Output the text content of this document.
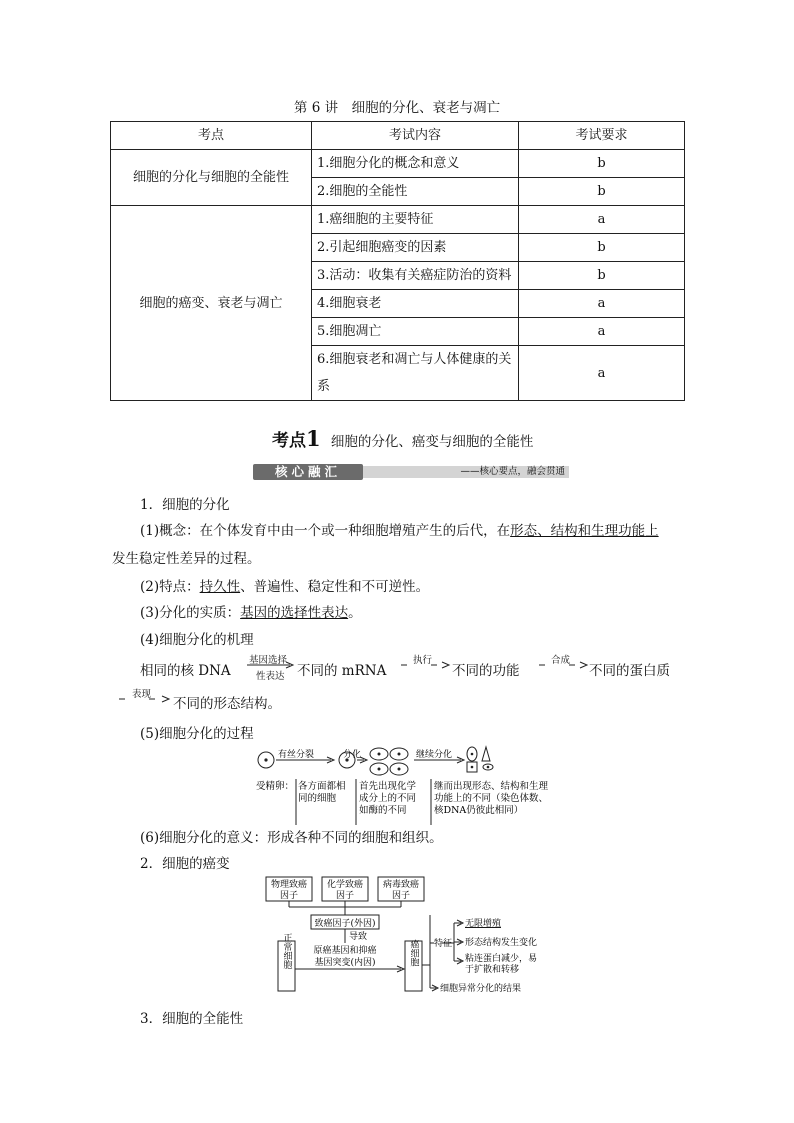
第 6 讲　细胞的分化、衰老与凋亡
考点	考试内容	考试要求
细胞的分化与细胞的全能性	1.细胞分化的概念和意义	b
	2.细胞的全能性	b
细胞的癌变、衰老与凋亡	1.癌细胞的主要特征	a
	2.引起细胞癌变的因素	b
	3.活动：收集有关癌症防治的资料	b
	4.细胞衰老	a
	5.细胞凋亡	a
	6.细胞衰老和凋亡与人体健康的关系	a
考点1 细胞的分化、癌变与细胞的全能性
——核心要点，融会贯通
核心融汇
1．细胞的分化
(1)概念：在个体发育中由一个或一种细胞增殖产生的后代，在形态、结构和生理功能上
发生稳定性差异的过程。
(2)特点：持久性、普遍性、稳定性和不可逆性。
(3)分化的实质：基因的选择性表达。
(4)细胞分化的机理
相同的核 DNA
基因选择
性表达 不同的 mRNA
执行
不同的功能
合成
不同的蛋白质
表现
不同的形态结构。
(5)细胞分化的过程
有丝分裂	分化	继续分化
受精卵： 各方面都相
同的细胞
首先出现化学
成分上的不同
如酶的不同
继而出现形态、结构和生理
功能上的不同（染色体数、
核DNA仍彼此相同）
(6)细胞分化的意义：形成各种不同的细胞和组织。
2．细胞的癌变
物理致癌
因子
化学致癌
因子
病毒致癌
因子
致癌因子(外因)
导致
原癌基因和抑癌
基因突变(内因)
正常细胞	癌细胞 特征
无限增殖
形态结构发生变化
粘连蛋白减少，易
于扩散和转移
细胞异常分化的结果
3．细胞的全能性
